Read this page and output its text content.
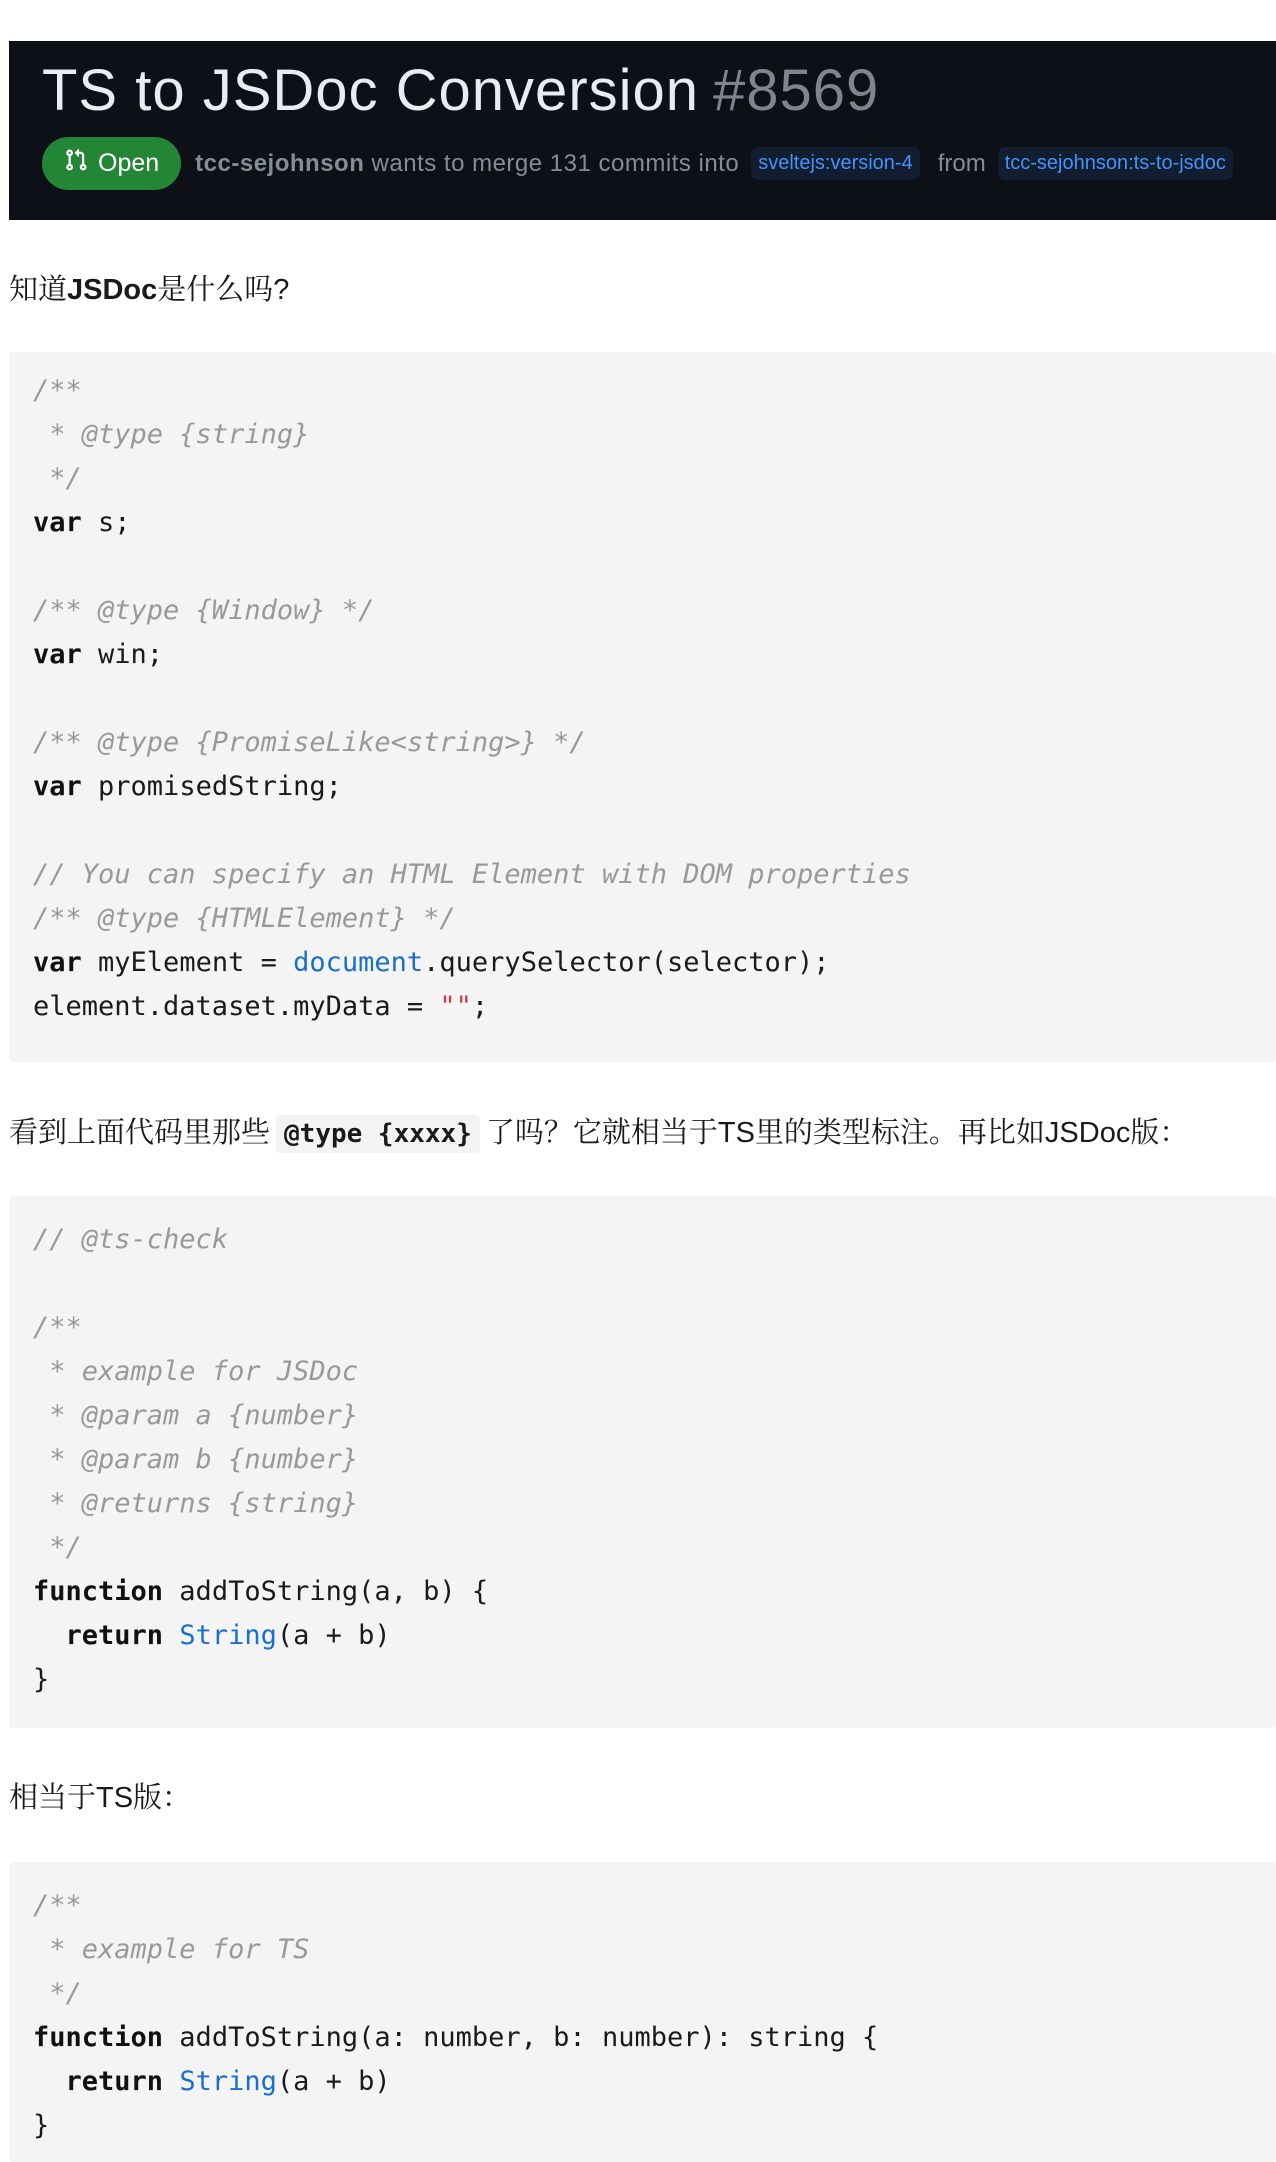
TS to JSDoc Conversion #8569
Open tcc-sejohnson wants to merge 131 commits into sveltejs:version-4 from tcc-sejohnson:ts-to-jsdoc
知道JSDoc是什么吗?
/**
* @type {string}
*/
var s;

/** @type {Window} */
var win;

/** @type {PromiseLike<string>} */
var promisedString;

// You can specify an HTML Element with DOM properties
/** @type {HTMLElement} */
var myElement = document.querySelector(selector);
element.dataset.myData = "";
看到上面代码里那些 @type {xxxx} 了吗？它就相当于TS里的类型标注。再比如JSDoc版：
// @ts-check

/**
* example for JSDoc
* @param a {number}
* @param b {number}
* @returns {string}
*/
function addToString(a, b) {
return String(a + b)
}
相当于TS版：
/**
* example for TS
*/
function addToString(a: number, b: number): string {
return String(a + b)
}
